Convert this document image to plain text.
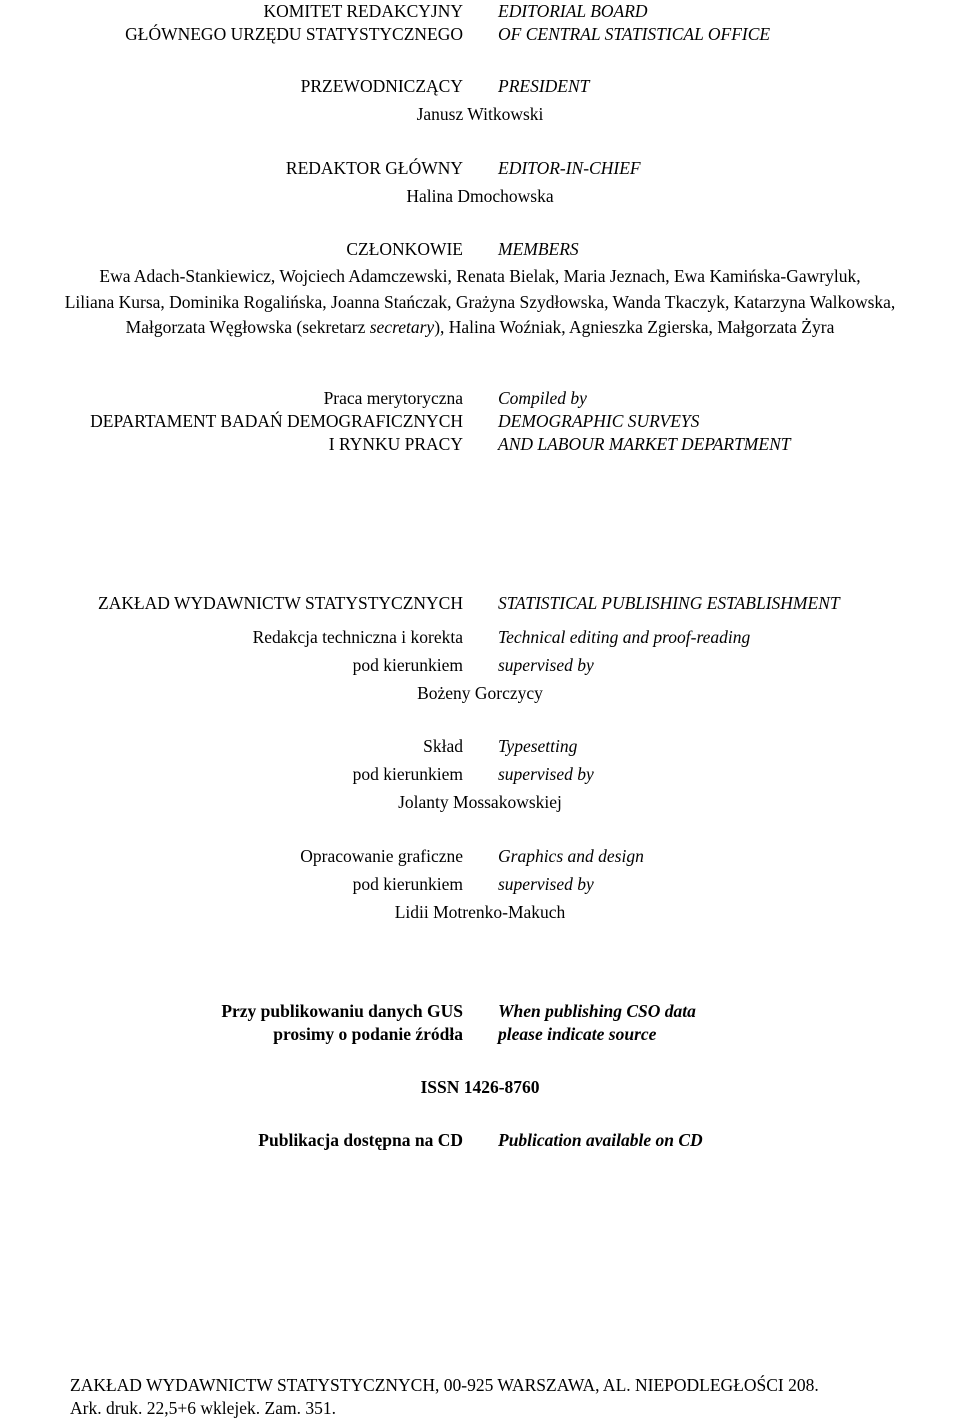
KOMITET REDAKCYJNY
GŁÓWNEGO URZĘDU STATYSTYCZNEGO
EDITORIAL BOARD
OF CENTRAL STATISTICAL OFFICE
PRZEWODNICZĄCY PRESIDENT
Janusz Witkowski
REDAKTOR GŁÓWNY EDITOR-IN-CHIEF
Halina Dmochowska
CZŁONKOWIE MEMBERS
Ewa Adach-Stankiewicz, Wojciech Adamczewski, Renata Bielak, Maria Jeznach, Ewa Kamińska-Gawryluk,
Liliana Kursa, Dominika Rogalińska, Joanna Stańczak, Grażyna Szydłowska, Wanda Tkaczyk, Katarzyna Walkowska,
Małgorzata Węgłowska (sekretarz secretary), Halina Woźniak, Agnieszka Zgierska, Małgorzata Żyra
Praca merytoryczna
DEPARTAMENT BADAŃ DEMOGRAFICZNYCH
I RYNKU PRACY
Compiled by
DEMOGRAPHIC SURVEYS
AND LABOUR MARKET DEPARTMENT
ZAKŁAD WYDAWNICTW STATYSTYCZNYCH STATISTICAL PUBLISHING ESTABLISHMENT
Redakcja techniczna i korekta Technical editing and proof-reading
pod kierunkiem supervised by
Bożeny Gorczycy
Skład Typesetting
pod kierunkiem supervised by
Jolanty Mossakowskiej
Opracowanie graficzne Graphics and design
pod kierunkiem supervised by
Lidii Motrenko-Makuch
Przy publikowaniu danych GUS
prosimy o podanie źródła
When publishing CSO data
please indicate source
ISSN 1426-8760
Publikacja dostępna na CD Publication available on CD
ZAKŁAD WYDAWNICTW STATYSTYCZNYCH, 00-925 WARSZAWA, AL. NIEPODLEGŁOŚCI 208.
Ark. druk. 22,5+6 wklejek. Zam. 351.
